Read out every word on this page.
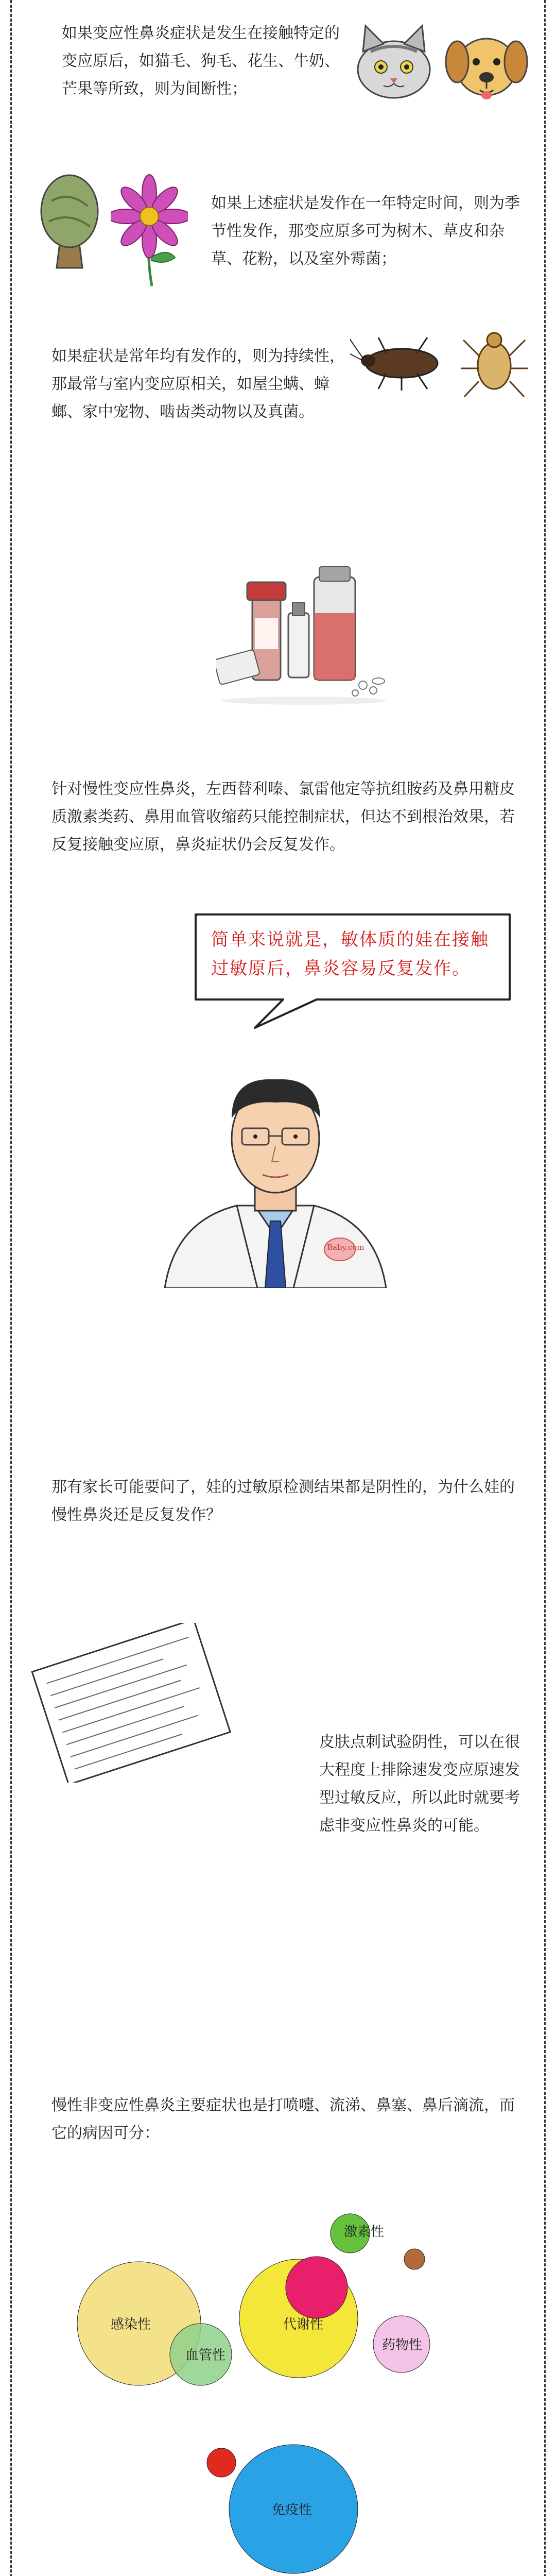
如果变应性鼻炎症状是发生在接触特定的变应原后，如猫毛、狗毛、花生、牛奶、芒果等所致，则为间断性；
如果上述症状是发作在一年特定时间，则为季节性发作，那变应原多可为树木、草皮和杂草、花粉，以及室外霉菌；
如果症状是常年均有发作的，则为持续性，那最常与室内变应原相关，如屋尘螨、蟑螂、家中宠物、啮齿类动物以及真菌。
针对慢性变应性鼻炎，左西替利嗪、氯雷他定等抗组胺药及鼻用糖皮质激素类药、鼻用血管收缩药只能控制症状，但达不到根治效果，若反复接触变应原，鼻炎症状仍会反复发作。
简单来说就是，敏体质的娃在接触过敏原后，鼻炎容易反复发作。
Baby.com
那有家长可能要问了，娃的过敏原检测结果都是阴性的，为什么娃的慢性鼻炎还是反复发作？
皮肤点刺试验阴性，可以在很大程度上排除速发变应原速发型过敏反应，所以此时就要考虑非变应性鼻炎的可能。
慢性非变应性鼻炎主要症状也是打喷嚏、流涕、鼻塞、鼻后滴流，而它的病因可分：
感染性
血管性
代谢性
激素性
药物性
免疫性
